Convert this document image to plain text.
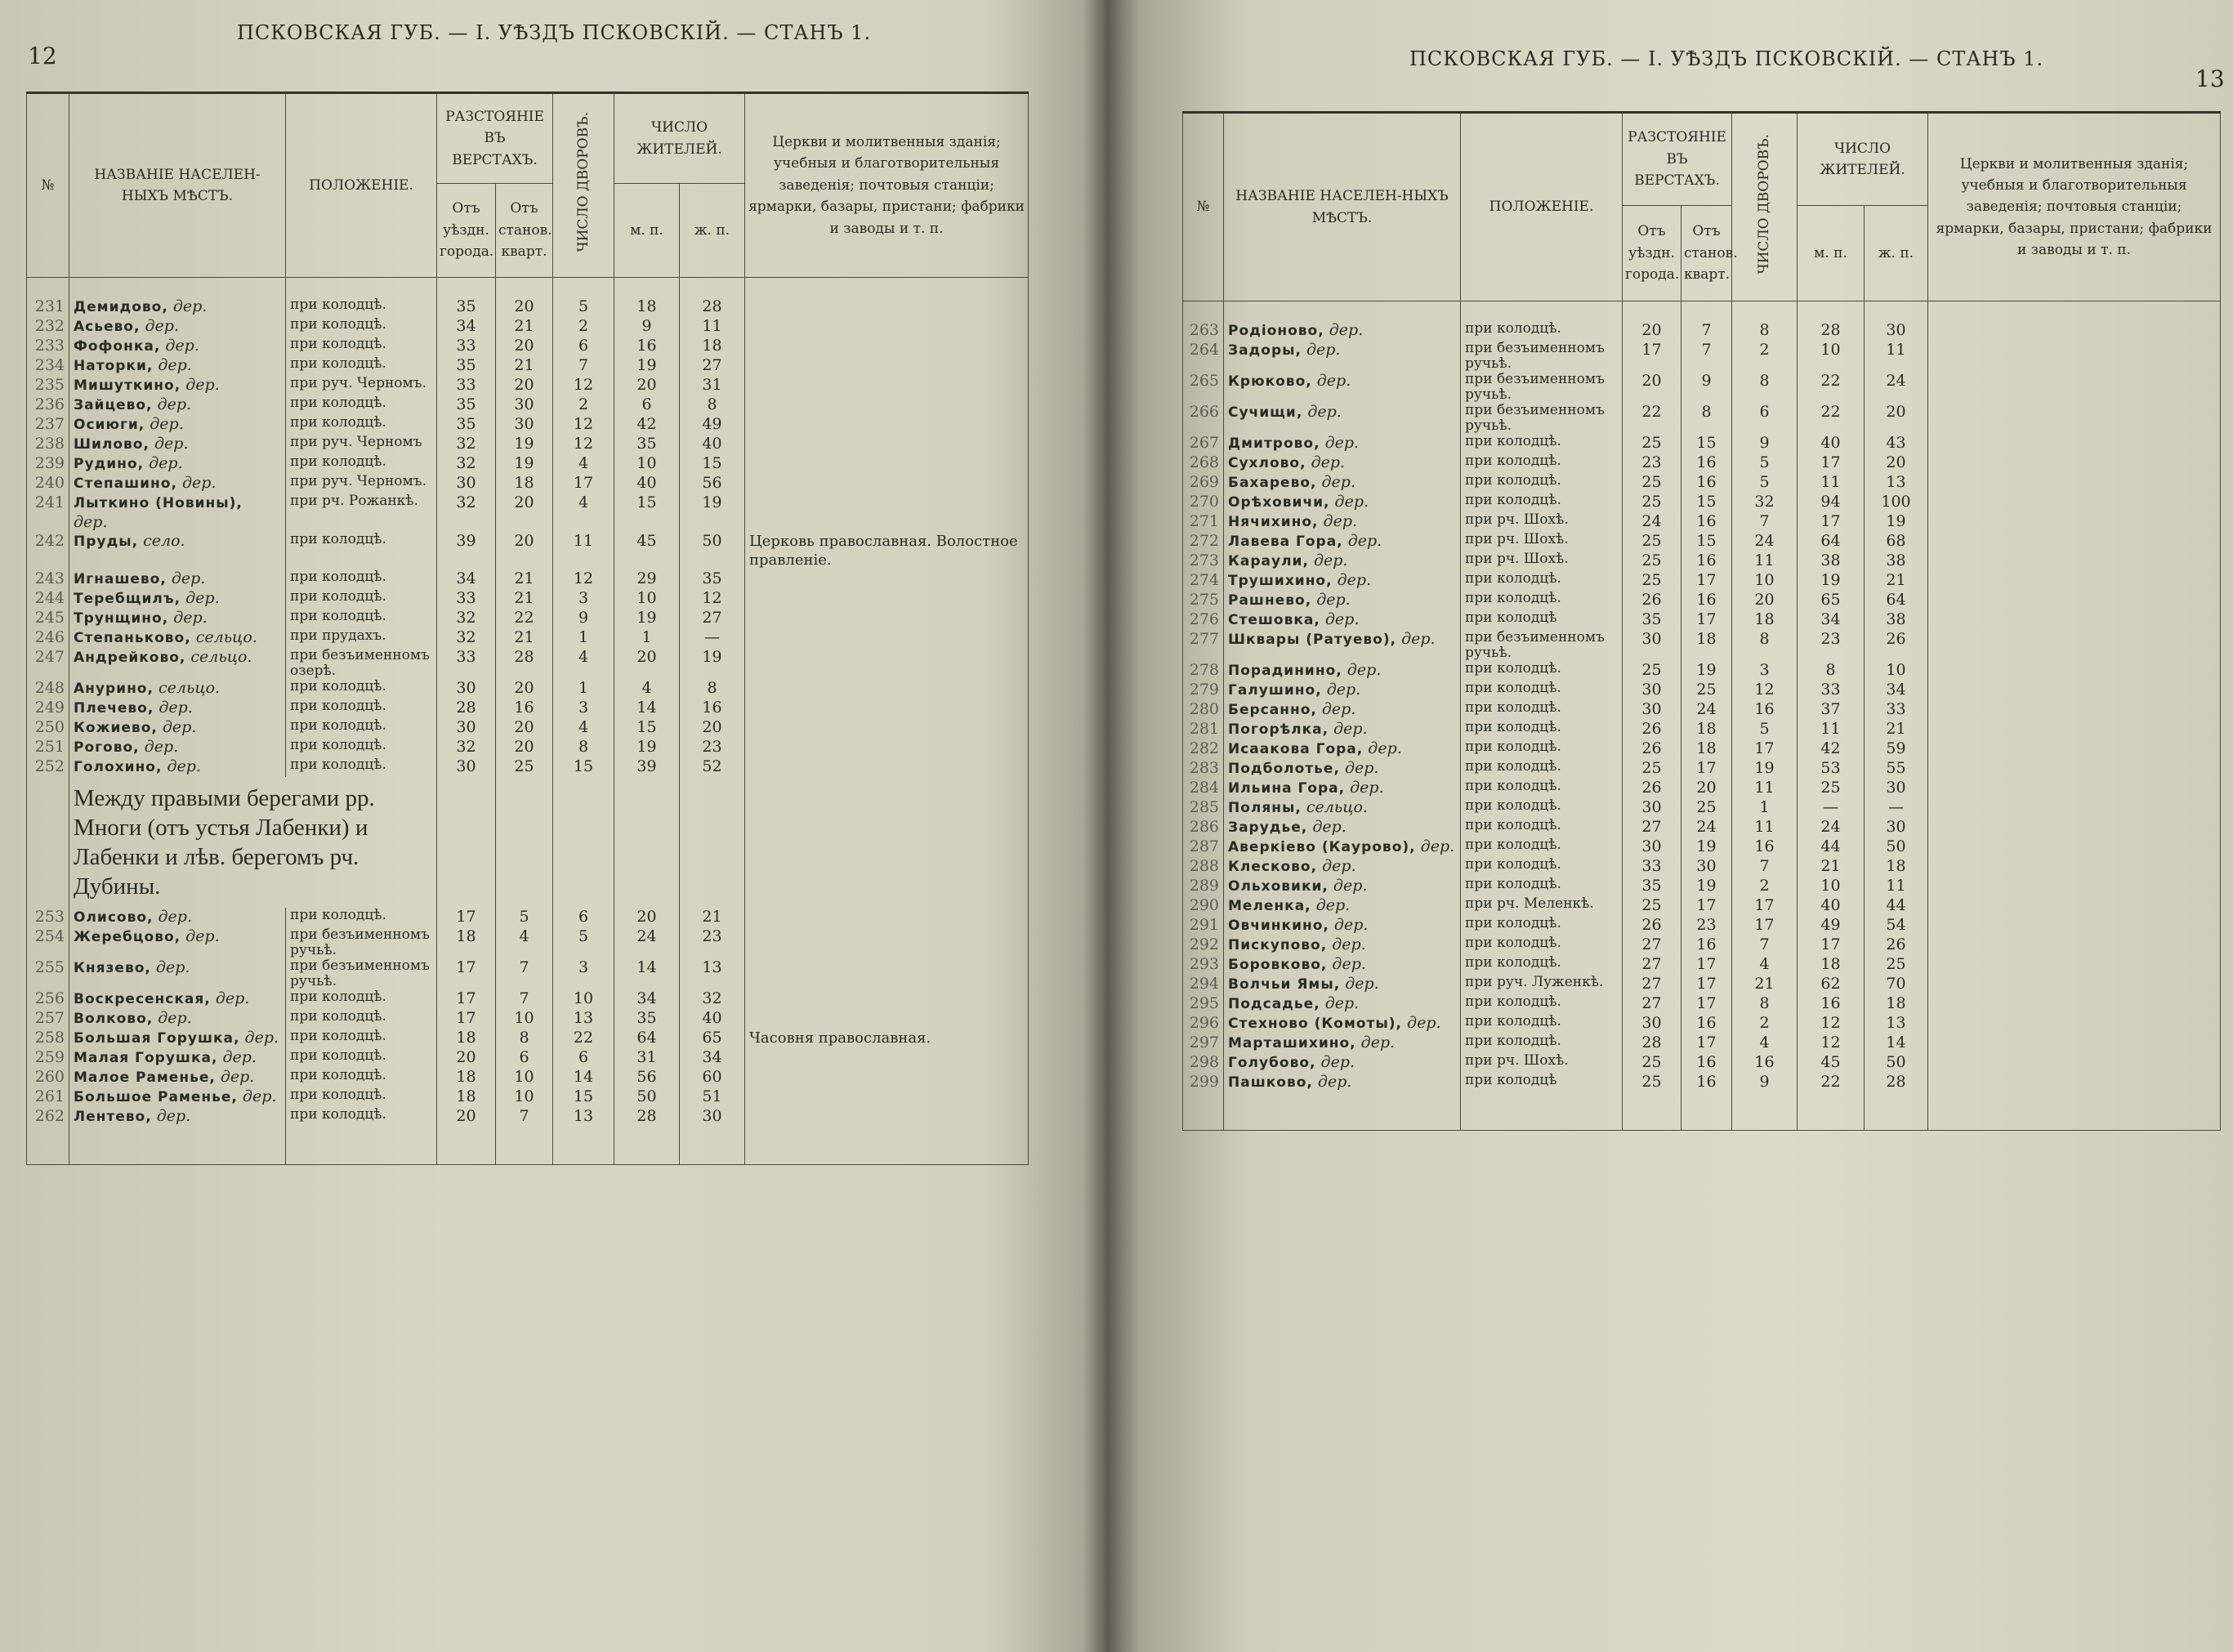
12
ПСКОВСКАЯ ГУБ. — I. УѢЗДЪ ПСКОВСКІЙ. — СТАНЪ 1.
№	НАЗВАНІЕ НАСЕЛЕН-НЫХЪ МѢСТЪ.	ПОЛОЖЕНІЕ.	РАЗСТОЯНІЕ ВЪ ВЕРСТАХЪ.		ЧИСЛО ДВОРОВЪ.	ЧИСЛО ЖИТЕЛЕЙ.		Церкви и молитвенныя зданія; учебныя и благотворительныя заведенія; почтовыя станціи; ярмарки, базары, пристани; фабрики и заводы и т. п.
			Отъ уѣздн. города.	Отъ станов. кварт.		м. п.	ж. п.	

231	Демидово, дер.	при колодцѣ.	35	20	5	18	28	
232	Асьево, дер.	при колодцѣ.	34	21	2	9	11	
233	Фофонка, дер.	при колодцѣ.	33	20	6	16	18	
234	Наторки, дер.	при колодцѣ.	35	21	7	19	27	
235	Мишуткино, дер.	при руч. Черномъ.	33	20	12	20	31	
236	Зайцево, дер.	при колодцѣ.	35	30	2	6	8	
237	Осиюги, дер.	при колодцѣ.	35	30	12	42	49	
238	Шилово, дер.	при руч. Черномъ	32	19	12	35	40	
239	Рудино, дер.	при колодцѣ.	32	19	4	10	15	
240	Степашино, дер.	при руч. Черномъ.	30	18	17	40	56	
241	Лыткино (Новины), дер.	при рч. Рожанкѣ.	32	20	4	15	19	
242	Пруды, село.	при колодцѣ.	39	20	11	45	50	Церковь православная. Волостное правленіе.
243	Игнашево, дер.	при колодцѣ.	34	21	12	29	35	
244	Теребщилъ, дер.	при колодцѣ.	33	21	3	10	12	
245	Трунщино, дер.	при колодцѣ.	32	22	9	19	27	
246	Степаньково, сельцо.	при прудахъ.	32	21	1	1	—	
247	Андрейково, сельцо.	при безъименномъ озерѣ.	33	28	4	20	19	
248	Анурино, сельцо.	при колодцѣ.	30	20	1	4	8	
249	Плечево, дер.	при колодцѣ.	28	16	3	14	16	
250	Кожиево, дер.	при колодцѣ.	30	20	4	15	20	
251	Рогово, дер.	при колодцѣ.	32	20	8	19	23	
252	Голохино, дер.	при колодцѣ.	30	25	15	39	52	
	Между правыми берегами рр. Многи (отъ устья Лабенки) и Лабенки и лѣв. берегомъ рч. Дубины.							
253	Олисово, дер.	при колодцѣ.	17	5	6	20	21	
254	Жеребцово, дер.	при безъименномъ ручьѣ.	18	4	5	24	23	
255	Князево, дер.	при безъименномъ ручьѣ.	17	7	3	14	13	
256	Воскресенская, дер.	при колодцѣ.	17	7	10	34	32	
257	Волково, дер.	при колодцѣ.	17	10	13	35	40	
258	Большая Горушка, дер.	при колодцѣ.	18	8	22	64	65	Часовня православная.
259	Малая Горушка, дер.	при колодцѣ.	20	6	6	31	34	
260	Малое Раменье, дер.	при колодцѣ.	18	10	14	56	60	
261	Большое Раменье, дер.	при колодцѣ.	18	10	15	50	51	
262	Лентево, дер.	при колодцѣ.	20	7	13	28	30	
ПСКОВСКАЯ ГУБ. — I. УѢЗДЪ ПСКОВСКІЙ. — СТАНЪ 1.
13
№	НАЗВАНІЕ НАСЕЛЕН-НЫХЪ МѢСТЪ.	ПОЛОЖЕНІЕ.	РАЗСТОЯНІЕ ВЪ ВЕРСТАХЪ.		ЧИСЛО ДВОРОВЪ.	ЧИСЛО ЖИТЕЛЕЙ.		Церкви и молитвенныя зданія; учебныя и благотворительныя заведенія; почтовыя станціи; ярмарки, базары, пристани; фабрики и заводы и т. п.
			Отъ уѣздн. города.	Отъ станов. кварт.		м. п.	ж. п.	

263	Родіоново, дер.	при колодцѣ.	20	7	8	28	30	
264	Задоры, дер.	при безъименномъ ручьѣ.	17	7	2	10	11	
265	Крюково, дер.	при безъименномъ ручьѣ.	20	9	8	22	24	
266	Сучищи, дер.	при безъименномъ ручьѣ.	22	8	6	22	20	
267	Дмитрово, дер.	при колодцѣ.	25	15	9	40	43	
268	Сухлово, дер.	при колодцѣ.	23	16	5	17	20	
269	Бахарево, дер.	при колодцѣ.	25	16	5	11	13	
270	Орѣховичи, дер.	при колодцѣ.	25	15	32	94	100	
271	Нячихино, дер.	при рч. Шохѣ.	24	16	7	17	19	
272	Лавева Гора, дер.	при рч. Шохѣ.	25	15	24	64	68	
273	Караули, дер.	при рч. Шохѣ.	25	16	11	38	38	
274	Трушихино, дер.	при колодцѣ.	25	17	10	19	21	
275	Рашнево, дер.	при колодцѣ.	26	16	20	65	64	
276	Стешовка, дер.	при колодцѣ	35	17	18	34	38	
277	Шквары (Ратуево), дер.	при безъименномъ ручьѣ.	30	18	8	23	26	
278	Порадинино, дер.	при колодцѣ.	25	19	3	8	10	
279	Галушино, дер.	при колодцѣ.	30	25	12	33	34	
280	Берсанно, дер.	при колодцѣ.	30	24	16	37	33	
281	Погорѣлка, дер.	при колодцѣ.	26	18	5	11	21	
282	Исаакова Гора, дер.	при колодцѣ.	26	18	17	42	59	
283	Подболотье, дер.	при колодцѣ.	25	17	19	53	55	
284	Ильина Гора, дер.	при колодцѣ.	26	20	11	25	30	
285	Поляны, сельцо.	при колодцѣ.	30	25	1	—	—	
286	Зарудье, дер.	при колодцѣ.	27	24	11	24	30	
287	Аверкіево (Каурово), дер.	при колодцѣ.	30	19	16	44	50	
288	Клесково, дер.	при колодцѣ.	33	30	7	21	18	
289	Ольховики, дер.	при колодцѣ.	35	19	2	10	11	
290	Меленка, дер.	при рч. Меленкѣ.	25	17	17	40	44	
291	Овчинкино, дер.	при колодцѣ.	26	23	17	49	54	
292	Пискупово, дер.	при колодцѣ.	27	16	7	17	26	
293	Боровково, дер.	при колодцѣ.	27	17	4	18	25	
294	Волчьи Ямы, дер.	при руч. Луженкѣ.	27	17	21	62	70	
295	Подсадье, дер.	при колодцѣ.	27	17	8	16	18	
296	Стехново (Комоты), дер.	при колодцѣ.	30	16	2	12	13	
297	Марташихино, дер.	при колодцѣ.	28	17	4	12	14	
298	Голубово, дер.	при рч. Шохѣ.	25	16	16	45	50	
299	Пашково, дер.	при колодцѣ	25	16	9	22	28	
